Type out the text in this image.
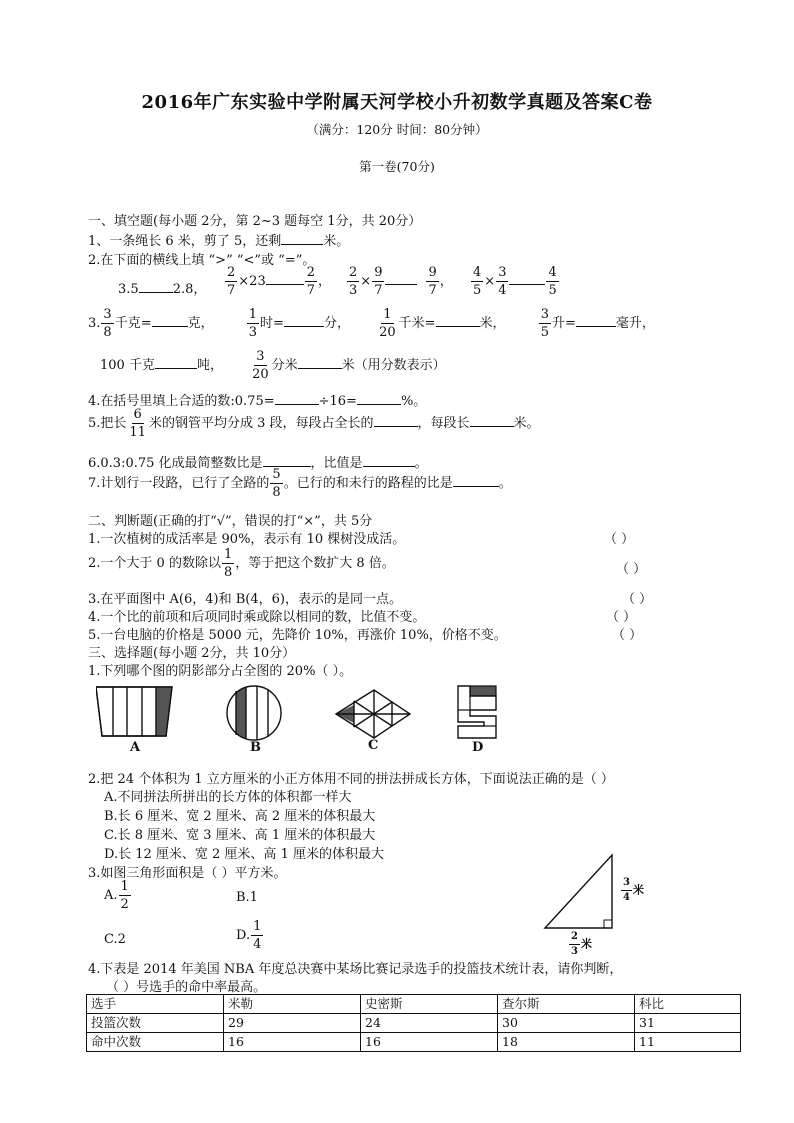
2016年广东实验中学附属天河学校小升初数学真题及答案C卷
（满分：120分 时间：80分钟）
第一卷(70分)
一、填空题(每小题 2分，第 2~3 题每空 1分，共 20分）
1、一条绳长 6 米，剪了 5，还剩	米。
2.在下面的横线上填 “>” “<”或 “=”。
3.5	2.8， $\frac{2}{7} \times 23$	$\frac{2}{7}$ ， $\frac{2}{3} \times \frac{9}{7}$	$\frac{9}{7}$ ， $\frac{4}{5} \times \frac{3}{4}$	$\frac{4}{5}$
3. $\frac{3}{8}$ 千克=	克，	$\frac{1}{3}$ 时=	分， $\frac{1}{20}$ 千米=	米，	$\frac{3}{5}$ 升=	毫升，
100 千克	吨， $\frac{3}{20}$ 分米	米（用分数表示）
4.在括号里填上合适的数:0.75=	÷16=	%。
5.把长 $\frac{6}{11}$ 米的钢管平均分成 3 段，每段占全长的	，每段长	米。
6.0.3:0.75 化成最简整数比是	，比值是	。
7.计划行一段路，已行了全路的 $\frac{5}{8}$ 。已行的和未行的路程的比是	。
二、判断题(正确的打“√”，错误的打“×”，共 5分
1.一次植树的成活率是 90%，表示有 10 棵树没成活。	（ ）
2.一个大于 0 的数除以 $\frac{1}{8}$ ，等于把这个数扩大 8 倍。	（ ）
3.在平面图中 A(6，4)和 B(4，6)，表示的是同一点。	（ ）
4.一个比的前项和后项同时乘或除以相同的数，比值不变。	（ ）
5.一台电脑的价格是 5000 元，先降价 10%，再涨价 10%，价格不变。	（ ）
三、选择题(每小题 2分，共 10分）
1.下列哪个图的阴影部分占全图的 20%（ ）。
A	B	C	D
2.把 24 个体积为 1 立方厘米的小正方体用不同的拼法拼成长方体，下面说法正确的是（ ）
A.不同拼法所拼出的长方体的体积都一样大
B.长 6 厘米、宽 2 厘米、高 2 厘米的体积最大
C.长 8 厘米、宽 3 厘米、高 1 厘米的体积最大
D.长 12 厘米、宽 2 厘米、高 1 厘米的体积最大
3.如图三角形面积是（ ）平方米。
A. $\frac{1}{2}$	B.1
C.2	D. $\frac{1}{4}$
$\frac{3}{4}$ 米
$\frac{2}{3}$ 米
4.下表是 2014 年美国 NBA 年度总决赛中某场比赛记录选手的投篮技术统计表，请你判断，
（ ）号选手的命中率最高。
选手	米勒	史密斯	查尔斯	科比
投篮次数	29	24	30	31
命中次数	16	16	18	11
